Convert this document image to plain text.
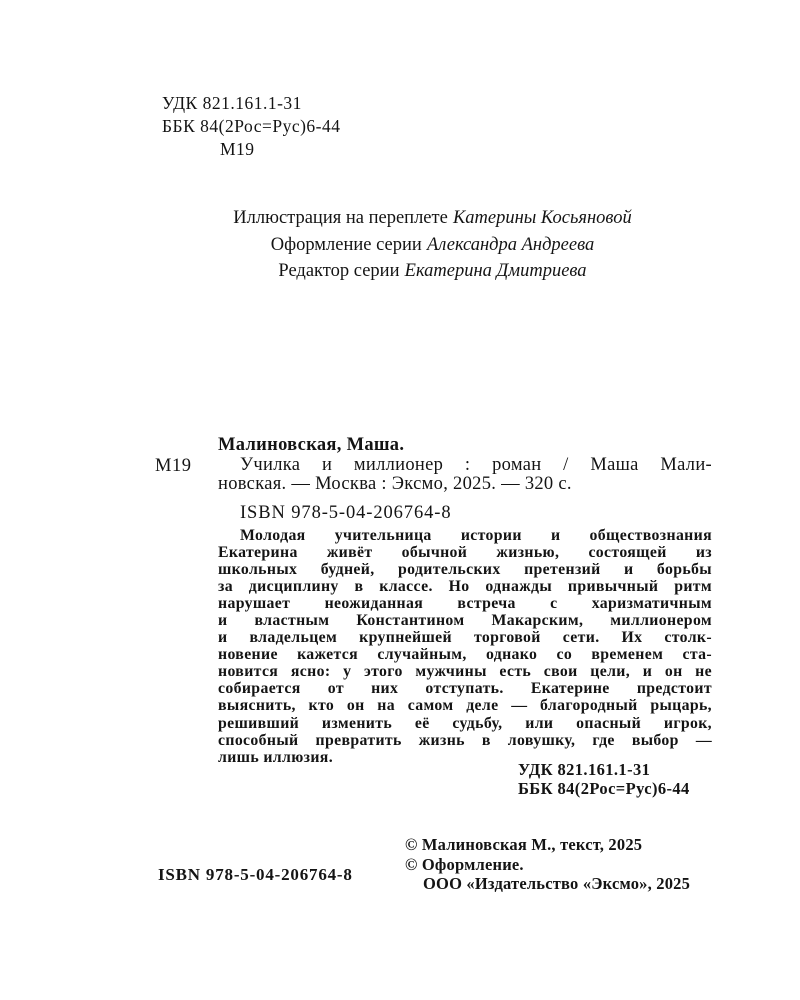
УДК 821.161.1-31
ББК 84(2Рос=Рус)6-44
М19
Иллюстрация на переплете Катерины Косьяновой
Оформление серии Александра Андреева
Редактор серии Екатерина Дмитриева
М19
Малиновская, Маша.
Училка и миллионер : роман / Маша Мали-
новская. — Москва : Эксмо, 2025. — 320 с.
ISBN 978-5-04-206764-8
Молодая учительница истории и обществознания
Екатерина живёт обычной жизнью, состоящей из
школьных будней, родительских претензий и борьбы
за дисциплину в классе. Но однажды привычный ритм
нарушает неожиданная встреча с харизматичным
и властным Константином Макарским, миллионером
и владельцем крупнейшей торговой сети. Их столк-
новение кажется случайным, однако со временем ста-
новится ясно: у этого мужчины есть свои цели, и он не
собирается от них отступать. Екатерине предстоит
выяснить, кто он на самом деле — благородный рыцарь,
решивший изменить её судьбу, или опасный игрок,
способный превратить жизнь в ловушку, где выбор —
лишь иллюзия.
УДК 821.161.1-31
ББК 84(2Рос=Рус)6-44
ISBN 978-5-04-206764-8
© Малиновская М., текст, 2025
© Оформление.
ООО «Издательство «Эксмо», 2025
